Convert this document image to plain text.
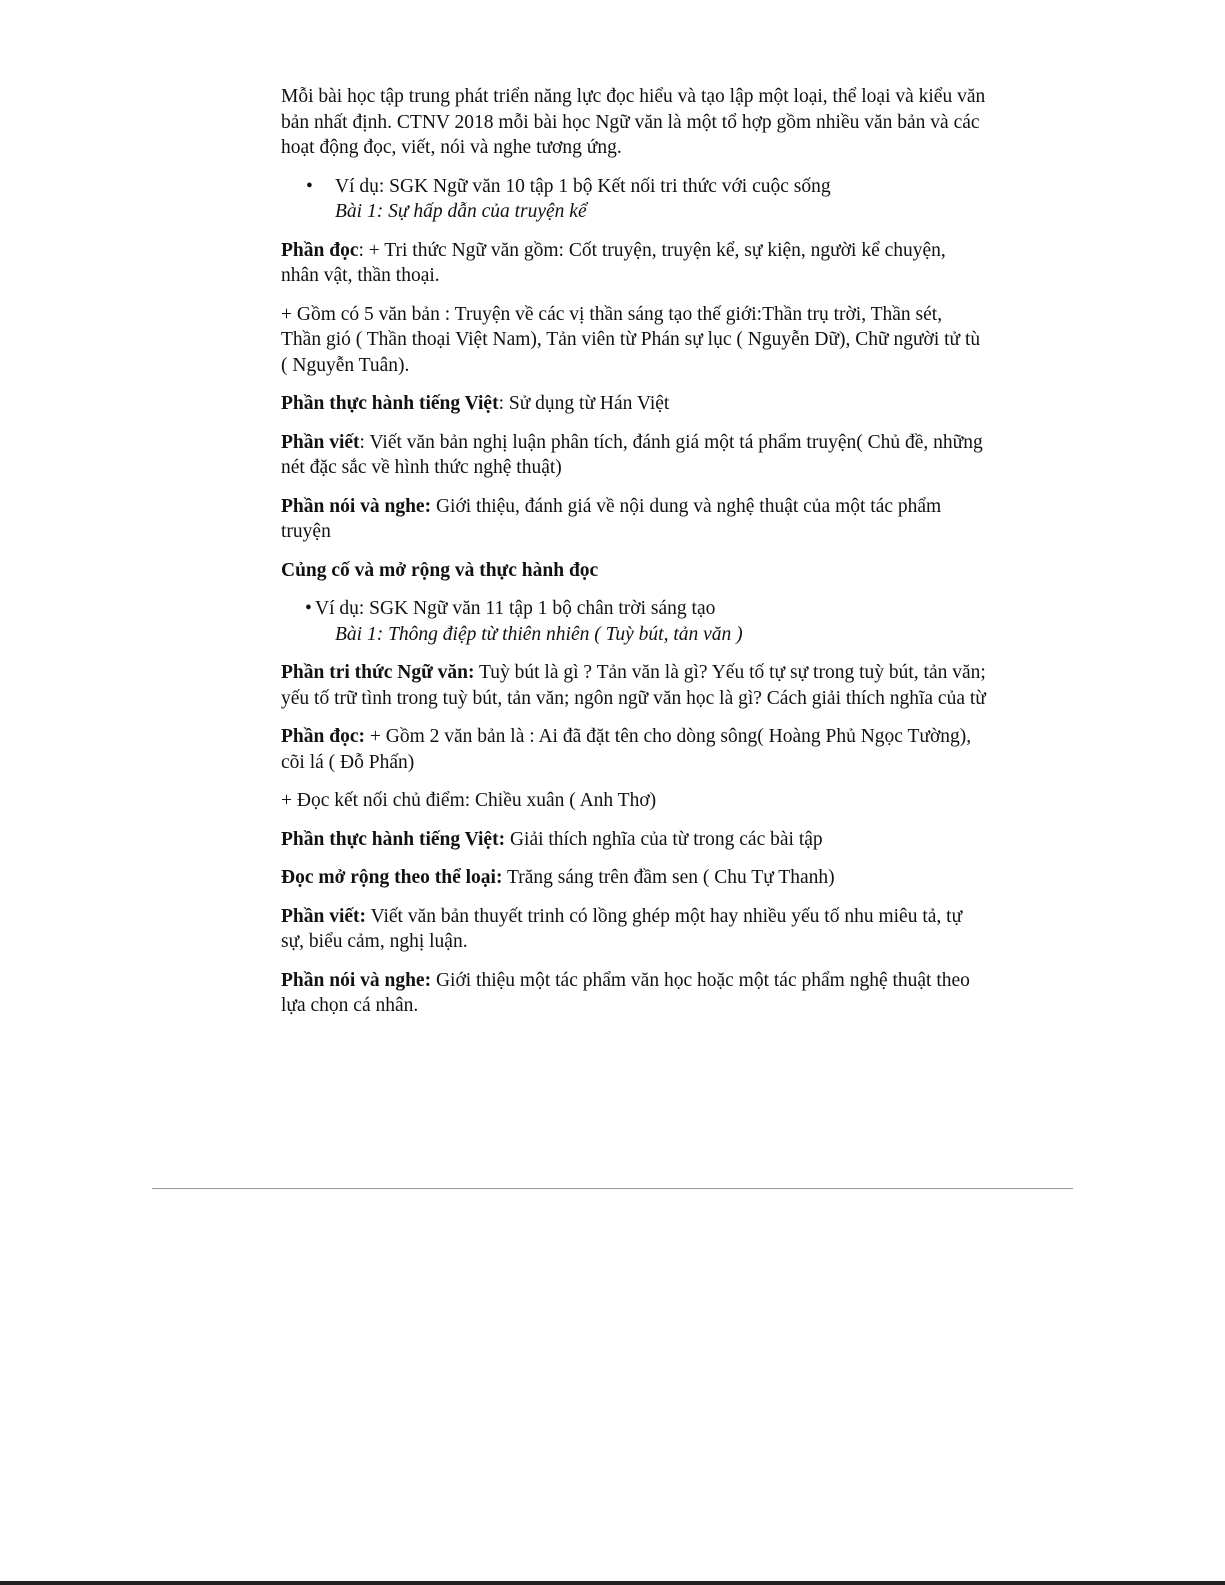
Mỗi bài học tập trung phát triển năng lực đọc hiểu và tạo lập một loại, thể loại và kiểu văn bản nhất định. CTNV 2018 mỗi bài học Ngữ văn là một tổ hợp gồm nhiều văn bản và các hoạt động đọc, viết, nói và nghe tương ứng.

• Ví dụ: SGK Ngữ văn 10 tập 1 bộ Kết nối tri thức với cuộc sống
Bài 1: Sự hấp dẫn của truyện kể

Phần đọc: + Tri thức Ngữ văn gồm: Cốt truyện, truyện kể, sự kiện, người kể chuyện, nhân vật, thần thoại.

+ Gồm có 5 văn bản : Truyện về các vị thần sáng tạo thế giới:Thần trụ trời, Thần sét, Thần gió ( Thần thoại Việt Nam), Tản viên từ Phán sự lục ( Nguyễn Dữ), Chữ người tử tù ( Nguyễn Tuân).

Phần thực hành tiếng Việt: Sử dụng từ Hán Việt

Phần viết: Viết văn bản nghị luận phân tích, đánh giá một tá phẩm truyện( Chủ đề, những nét đặc sắc về hình thức nghệ thuật)

Phần nói và nghe: Giới thiệu, đánh giá về nội dung và nghệ thuật của một tác phẩm truyện

Củng cố và mở rộng và thực hành đọc

• Ví dụ: SGK Ngữ văn 11 tập 1 bộ chân trời sáng tạo
Bài 1: Thông điệp từ thiên nhiên ( Tuỳ bút, tản văn )

Phần tri thức Ngữ văn: Tuỳ bút là gì ? Tản văn là gì? Yếu tố tự sự trong tuỳ bút, tản văn; yếu tố trữ tình trong tuỳ bút, tản văn; ngôn ngữ văn học là gì? Cách giải thích nghĩa của từ

Phần đọc: + Gồm 2 văn bản là : Ai đã đặt tên cho dòng sông( Hoàng Phủ Ngọc Tường), cõi lá ( Đỗ Phấn)

+ Đọc kết nối chủ điểm: Chiều xuân ( Anh Thơ)

Phần thực hành tiếng Việt: Giải thích nghĩa của từ trong các bài tập

Đọc mở rộng theo thể loại: Trăng sáng trên đầm sen ( Chu Tự Thanh)

Phần viết: Viết văn bản thuyết trinh có lồng ghép một hay nhiều yếu tố nhu miêu tả, tự sự, biểu cảm, nghị luận.

Phần nói và nghe: Giới thiệu một tác phẩm văn học hoặc một tác phẩm nghệ thuật theo lựa chọn cá nhân.
